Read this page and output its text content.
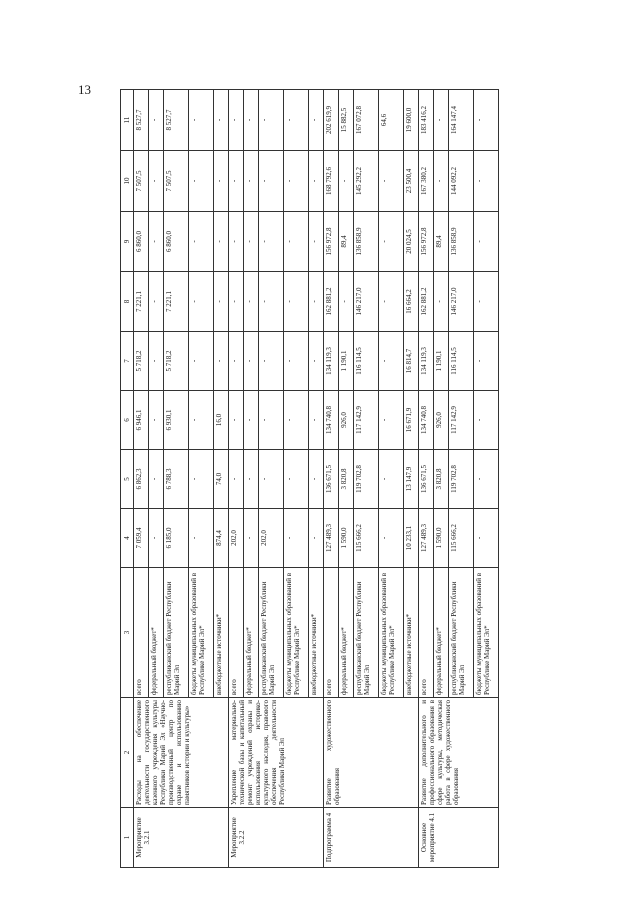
13
1	2	3	4	5	6	7	8	9	10	11
Мероприятие 3.2.1	Расходы на обеспечение деятельности государственного казенного учреждения культуры Республики Марий Эл «Научно-производственный центр по охране и использованию памятников истории и культуры»	всего	7 059,4	6 862,3	6 946,1	5 718,2	7 221,1	6 860,0	7 507,5	8 527,7
		федеральный бюджет*	-	-	-	-	-	-	-	-
		республиканский бюджет Республики Марий Эл	6 185,0	6 788,3	6 930,1	5 718,2	7 221,1	6 860,0	7 507,5	8 527,7
		бюджеты муниципальных образований в Республике Марий Эл*	-	-	-	-	-	-	-	-
		внебюджетные источники*	874,4	74,0	16,0	-	-	-	-	-
Мероприятие 3.2.2	Укрепление материально-технической базы и капитальный ремонт учреждений охраны и использования историко-культурного наследия, правового обеспечения деятельности Республики Марий Эл	всего	202,0	-	-	-	-	-	-	-
		федеральный бюджет*	-	-	-	-	-	-	-	-
		республиканский бюджет Республики Марий Эл	202,0	-	-	-	-	-	-	-
		бюджеты муниципальных образований в Республике Марий Эл*	-	-	-	-	-	-	-	-
		внебюджетные источники*	-	-	-	-	-	-	-	-
Подпрограмма 4	Развитие художественного образования	всего	127 489,3	136 671,5	134 740,8	134 119,3	162 881,2	156 972,8	168 792,6	202 619,9
		федеральный бюджет*	1 590,0	3 820,8	926,0	1 190,1	-	89,4	-	15 882,5
		республиканский бюджет Республики Марий Эл	115 666,2	119 702,8	117 142,9	116 114,5	146 217,0	136 858,9	145 292,2	167 072,8
		бюджеты муниципальных образований в Республике Марий Эл*	-	-	-	-	-	-	-	64,6
		внебюджетные источники*	10 233,1	13 147,9	16 671,9	16 814,7	16 664,2	20 024,5	23 500,4	19 600,0
Основное мероприятие 4.1	Развитие дополнительного и профессионального образования в сфере культуры, методическая работа в сфере художественного образования	всего	127 489,3	136 671,5	134 740,8	134 119,3	162 881,2	156 972,8	167 380,2	183 416,2
		федеральный бюджет*	1 590,0	3 820,8	926,0	1 190,1	-	89,4	-	-
		республиканский бюджет Республики Марий Эл	115 666,2	119 702,8	117 142,9	116 114,5	146 217,0	136 858,9	144 092,2	164 147,4
		бюджеты муниципальных образований в Республике Марий Эл*	-	-	-	-	-	-	-	-
